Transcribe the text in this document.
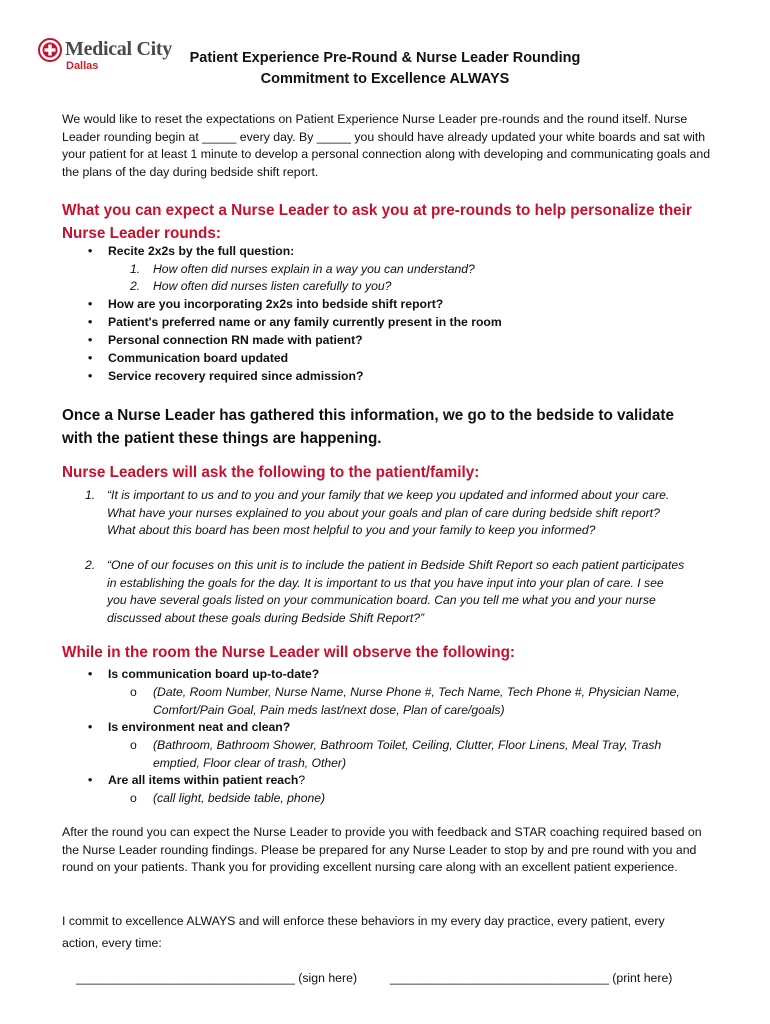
Medical City
Dallas	Patient Experience Pre-Round & Nurse Leader Rounding
Commitment to Excellence ALWAYS
We would like to reset the expectations on Patient Experience Nurse Leader pre-rounds and the round itself. Nurse Leader rounding begin at _____ every day. By _____ you should have already updated your white boards and sat with your patient for at least 1 minute to develop a personal connection along with developing and communicating goals and the plans of the day during bedside shift report.
What you can expect a Nurse Leader to ask you at pre-rounds to help personalize their
Nurse Leader rounds:
• Recite 2x2s by the full question:
1. How often did nurses explain in a way you can understand?
2. How often did nurses listen carefully to you?
• How are you incorporating 2x2s into bedside shift report?
• Patient's preferred name or any family currently present in the room
• Personal connection RN made with patient?
• Communication board updated
• Service recovery required since admission?
Once a Nurse Leader has gathered this information, we go to the bedside to validate
with the patient these things are happening.
Nurse Leaders will ask the following to the patient/family:
1. “It is important to us and to you and your family that we keep you updated and informed about your care.
What have your nurses explained to you about your goals and plan of care during bedside shift report?
What about this board has been most helpful to you and your family to keep you informed?
2. “One of our focuses on this unit is to include the patient in Bedside Shift Report so each patient participates
in establishing the goals for the day. It is important to us that you have input into your plan of care. I see
you have several goals listed on your communication board. Can you tell me what you and your nurse
discussed about these goals during Bedside Shift Report?”
While in the room the Nurse Leader will observe the following:
• Is communication board up-to-date?
o (Date, Room Number, Nurse Name, Nurse Phone #, Tech Name, Tech Phone #, Physician Name,
Comfort/Pain Goal, Pain meds last/next dose, Plan of care/goals)
• Is environment neat and clean?
o (Bathroom, Bathroom Shower, Bathroom Toilet, Ceiling, Clutter, Floor Linens, Meal Tray, Trash
emptied, Floor clear of trash, Other)
• Are all items within patient reach?
o (call light, bedside table, phone)
After the round you can expect the Nurse Leader to provide you with feedback and STAR coaching required based on the Nurse Leader rounding findings. Please be prepared for any Nurse Leader to stop by and pre round with you and round on your patients. Thank you for providing excellent nursing care along with an excellent patient experience.
I commit to excellence ALWAYS and will enforce these behaviors in my every day practice, every patient, every
action, every time:
________________________________ (sign here)	________________________________ (print here)
